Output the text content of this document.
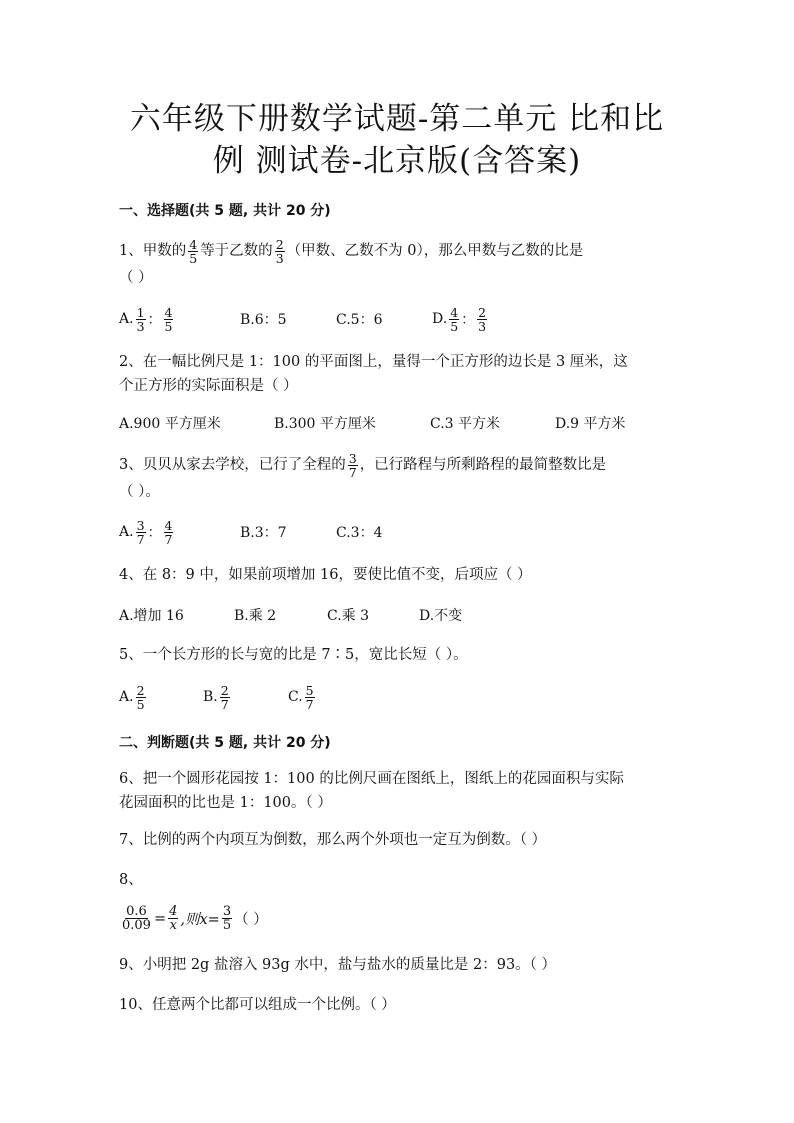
六年级下册数学试题-第二单元 比和比
例 测试卷-北京版(含答案)
一、选择题(共 5 题, 共计 20 分)
1、甲数的 $\frac{4}{5}$ 等于乙数的 $\frac{2}{3}$ （甲数、乙数不为 0），那么甲数与乙数的比是
（ ）
A. $\frac{1}{3}$ ： $\frac{4}{5}$	B.6：5	C.5：6	D. $\frac{4}{5}$ ： $\frac{2}{3}$
2、在一幅比例尺是 1：100 的平面图上，量得一个正方形的边长是 3 厘米，这
个正方形的实际面积是（ ）
A.900 平方厘米	B.300 平方厘米	C.3 平方米	D.9 平方米
3、贝贝从家去学校，已行了全程的 $\frac{3}{7}$ ，已行路程与所剩路程的最简整数比是
（ ）。
A. $\frac{3}{7}$ ： $\frac{4}{7}$	B.3：7	C.3：4
4、在 8：9 中，如果前项增加 16，要使比值不变，后项应（ ）
A.增加 16	B.乘 2	C.乘 3	D.不变
5、一个长方形的长与宽的比是 7∶5，宽比长短（ ）。
A. $\frac{2}{5}$	B. $\frac{2}{7}$	C. $\frac{5}{7}$
二、判断题(共 5 题, 共计 20 分)
6、把一个圆形花园按 1：100 的比例尺画在图纸上，图纸上的花园面积与实际
花园面积的比也是 1：100。（ ）
7、比例的两个内项互为倒数，那么两个外项也一定互为倒数。（ ）
8、
$\frac{0.6}{0.09} = \frac{4}{x}$ ,则$x= \frac{3}{5}$ （ ）
9、小明把 2g 盐溶入 93g 水中，盐与盐水的质量比是 2：93。（ ）
10、任意两个比都可以组成一个比例。（ ）
